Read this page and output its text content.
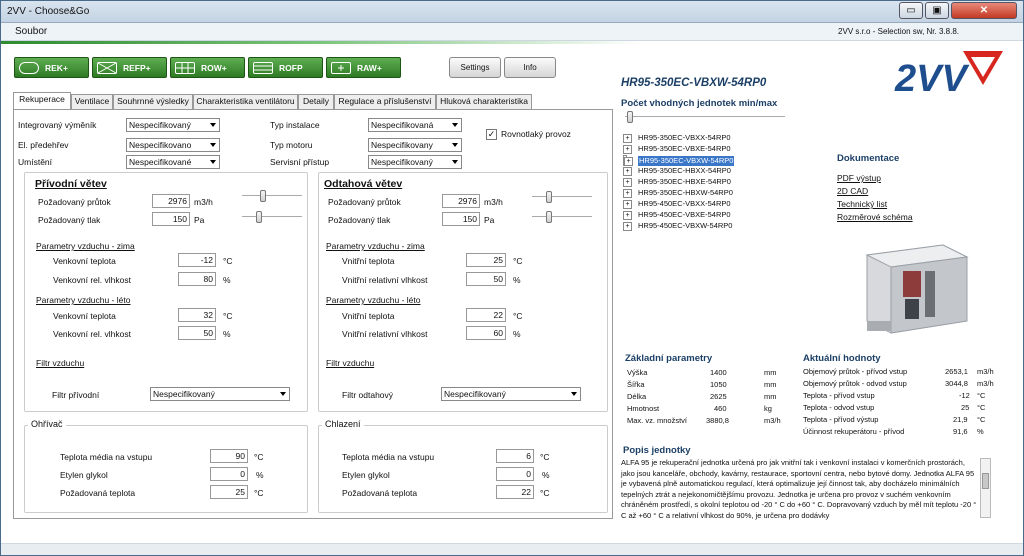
2VV - Choose&Go	▭	▣	✕
Soubor	2VV s.r.o - Selection sw, Nr. 3.8.8.
REK+	REFP+	ROW+	ROFP	RAW+	Settings	Info
Rekuperace	Ventilace Souhrnné výsledky Charakteristika ventilátoru Detaily	Regulace a příslušenství	Hluková charakteristika
Integrovaný výměník	Nespecifikovaný
El. předehřev	Nespecifikovano
Umístění	Nespecifikované
Typ instalace	Nespecifikovaná
Typ motoru	Nespecifikovany
Servisní přístup	Nespecifikovaný
✓ Rovnotlaký provoz
Přívodní větev
Požadovaný průtok	2976 m3/h
Požadovaný tlak	150 Pa
Parametry vzduchu - zima
Venkovní teplota	-12	°C
Venkovní rel. vlhkost	80	%
Parametry vzduchu - léto
Venkovní teplota	32	°C
Venkovní rel. vlhkost	50	%
Filtr vzduchu
Filtr přívodní	Nespecifikovaný
Odtahová větev
Požadovaný průtok	2976 m3/h
Požadovaný tlak	150 Pa
Parametry vzduchu - zima
Vnitřní teplota	25	°C
Vnitřní relativní vlhkost	50	%
Parametry vzduchu - léto
Vnitřní teplota	22	°C
Vnitřní relativní vlhkost	60	%
Filtr vzduchu
Filtr odtahový	Nespecifikovaný
Ohřívač
Teplota média na vstupu	90	°C
Etylen glykol	0	%
Požadovaná teplota	25	°C
Chlazení
Teplota média na vstupu	6	°C
Etylen glykol	0	%
Požadovaná teplota	22	°C
HR95-350EC-VBXW-54RP0
Počet vhodných jednotek min/max
+	HR95-350EC-VBXX-54RP0
+	HR95-350EC-VBXE-54RP0
+	HR95-350EC-VBXW-54RP0
+	HR95-350EC-HBXX-54RP0
+	HR95-350EC-HBXE-54RP0
+	HR95-350EC-HBXW-54RP0
+	HR95-450EC-VBXX-54RP0
+	HR95-450EC-VBXE-54RP0
+	HR95-450EC-VBXW-54RP0
2VV
Dokumentace
PDF výstup
2D CAD
Technický list
Rozměrové schéma
Základní parametry
Výška	1400	mm
Šířka	1050	mm
Délka	2625	mm
Hmotnost	460	kg
Max. vz. množství	3880,8	m3/h
Aktuální hodnoty
Objemový průtok - přívod vstup	2653,1 m3/h
Objemový průtok - odvod vstup	3044,8 m3/h
Teplota - přívod vstup	-12 °C
Teplota - odvod vstup	25 °C
Teplota - přívod výstup	21,9 °C
Účinnost rekuperátoru - přívod	91,6 %
Popis jednotky
ALFA 95 je rekuperační jednotka určená pro jak vnitřní tak i venkovní instalaci v komerčních prostorách, jako jsou kanceláře, obchody, kavárny, restaurace, sportovní centra, nebo bytové domy. Jednotka ALFA 95 je vybavená plně automatickou regulací, která optimalizuje její činnost tak, aby docházelo minimálních tepelných ztrát a nejekonomičtějšímu provozu. Jednotka je určena pro provoz v suchém venkovním chráněném prostředí, s okolní teplotou od -20 ° C do +60 ° C. Dopravovaný vzduch by měl mít teplotu -20 ° C až +60 ° C a relativní vlhkost do 90%, je určena pro dodávky
